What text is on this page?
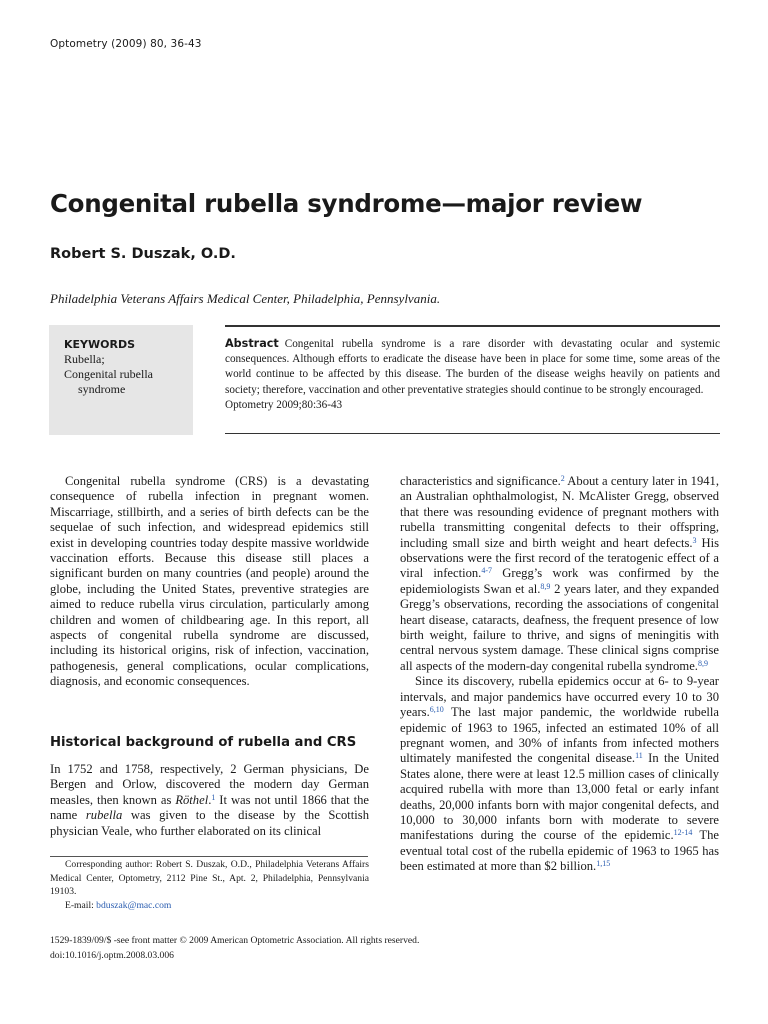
Optometry (2009) 80, 36-43
Congenital rubella syndrome—major review
Robert S. Duszak, O.D.
Philadelphia Veterans Affairs Medical Center, Philadelphia, Pennsylvania.
KEYWORDS
Rubella;
Congenital rubella
syndrome
Abstract Congenital rubella syndrome is a rare disorder with devastating ocular and systemic consequences. Although efforts to eradicate the disease have been in place for some time, some areas of the world continue to be affected by this disease. The burden of the disease weighs heavily on patients and society; therefore, vaccination and other preventative strategies should continue to be strongly encouraged.
Optometry 2009;80:36-43

Congenital rubella syndrome (CRS) is a devastating consequence of rubella infection in pregnant women. Miscarriage, stillbirth, and a series of birth defects can be the sequelae of such infection, and widespread epidemics still exist in developing countries today despite massive worldwide vaccination efforts. Because this disease still places a significant burden on many countries (and people) around the globe, including the United States, preventive strategies are aimed to reduce rubella virus circulation, particularly among children and women of childbearing age. In this report, all aspects of congenital rubella syndrome are discussed, including its historical origins, risk of infection, vaccination, pathogenesis, general complications, ocular complications, diagnosis, and economic consequences.

Historical background of rubella and CRS

In 1752 and 1758, respectively, 2 German physicians, De Bergen and Orlow, discovered the modern day German measles, then known as Röthel.$^1$ It was not until 1866 that the name rubella was given to the disease by the Scottish physician Veale, who further elaborated on its clinical

characteristics and significance.$^2$ About a century later in 1941, an Australian ophthalmologist, N. McAlister Gregg, observed that there was resounding evidence of pregnant mothers with rubella transmitting congenital defects to their offspring, including small size and birth weight and heart defects.$^3$ His observations were the first record of the teratogenic effect of a viral infection.$^{4-7}$ Gregg’s work was confirmed by the epidemiologists Swan et al.$^{8,9}$ 2 years later, and they expanded Gregg’s observations, recording the associations of congenital heart disease, cataracts, deafness, the frequent presence of low birth weight, failure to thrive, and signs of meningitis with central nervous system damage. These clinical signs comprise all aspects of the modern-day congenital rubella syndrome.$^{8,9}$

Since its discovery, rubella epidemics occur at 6- to 9-year intervals, and major pandemics have occurred every 10 to 30 years.$^{6,10}$ The last major pandemic, the worldwide rubella epidemic of 1963 to 1965, infected an estimated 10% of all pregnant women, and 30% of infants from infected mothers ultimately manifested the congenital disease.$^{11}$ In the United States alone, there were at least 12.5 million cases of clinically acquired rubella with more than 13,000 fetal or early infant deaths, 20,000 infants born with major congenital defects, and 10,000 to 30,000 infants born with moderate to severe manifestations during the course of the epidemic.$^{12-14}$ The eventual total cost of the rubella epidemic of 1963 to 1965 has been estimated at more than $2 billion.$^{1,15}$

Corresponding author: Robert S. Duszak, O.D., Philadelphia Veterans Affairs Medical Center, Optometry, 2112 Pine St., Apt. 2, Philadelphia, Pennsylvania 19103.

E-mail: bduszak@mac.com

1529-1839/09/$ -see front matter © 2009 American Optometric Association. All rights reserved.
doi:10.1016/j.optm.2008.03.006
